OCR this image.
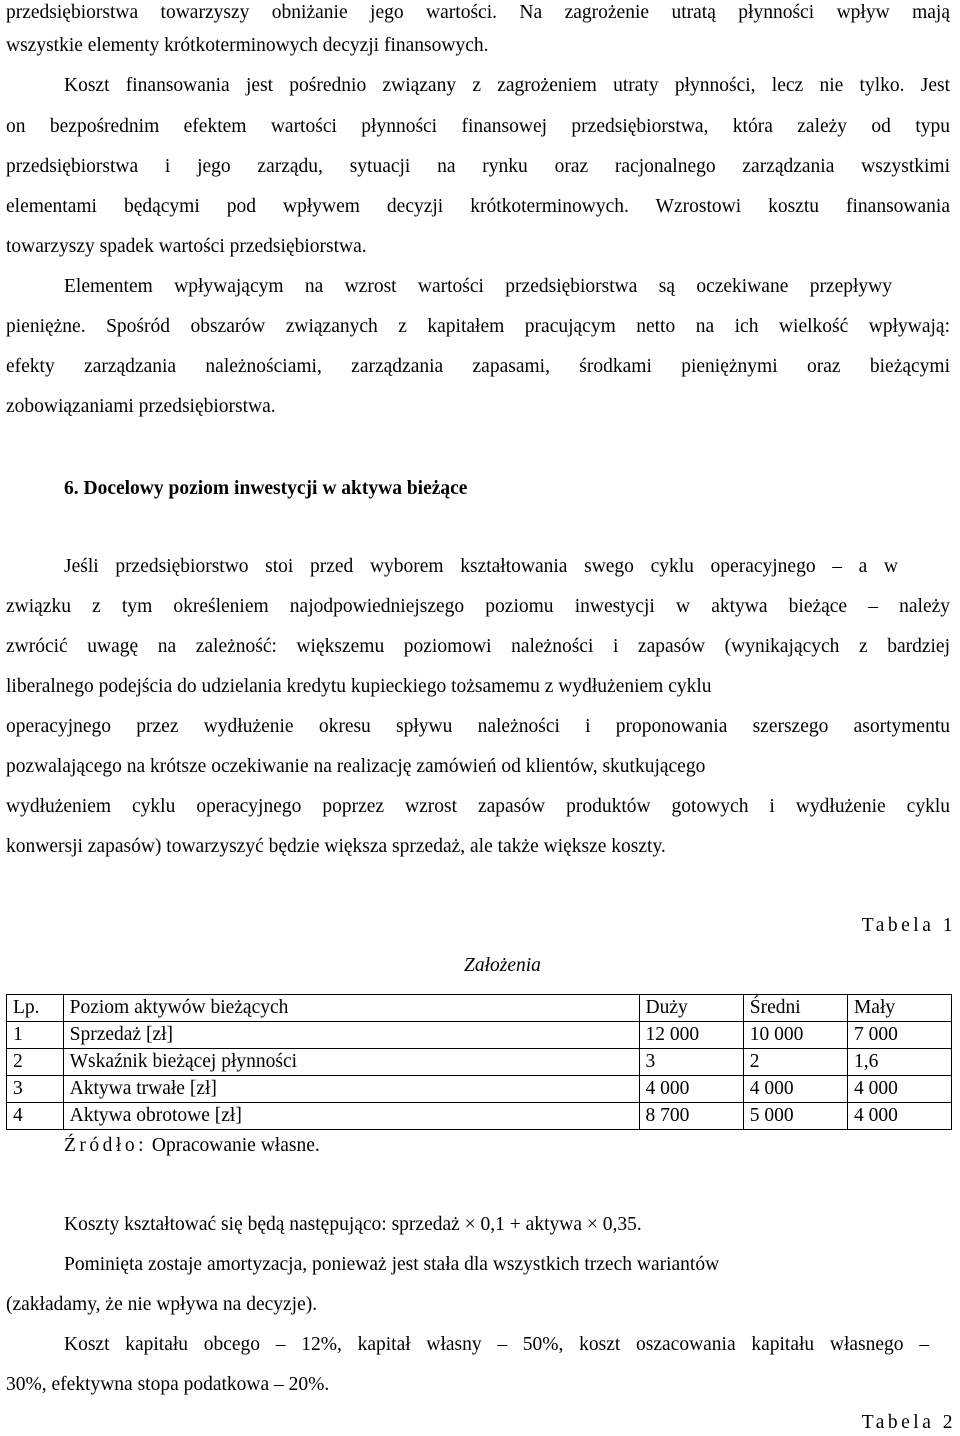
przedsiębiorstwa towarzyszy obniżanie jego wartości. Na zagrożenie utratą płynności wpływ mają
wszystkie elementy krótkoterminowych decyzji finansowych.
Koszt finansowania jest pośrednio związany z zagrożeniem utraty płynności, lecz nie tylko. Jest
on bezpośrednim efektem wartości płynności finansowej przedsiębiorstwa, która zależy od typu
przedsiębiorstwa i jego zarządu, sytuacji na rynku oraz racjonalnego zarządzania wszystkimi
elementami będącymi pod wpływem decyzji krótkoterminowych. Wzrostowi kosztu finansowania
towarzyszy spadek wartości przedsiębiorstwa.
Elementem wpływającym na wzrost wartości przedsiębiorstwa są oczekiwane przepływy
pieniężne. Spośród obszarów związanych z kapitałem pracującym netto na ich wielkość wpływają:
efekty zarządzania należnościami, zarządzania zapasami, środkami pieniężnymi oraz bieżącymi
zobowiązaniami przedsiębiorstwa.
6. Docelowy poziom inwestycji w aktywa bieżące
Jeśli przedsiębiorstwo stoi przed wyborem kształtowania swego cyklu operacyjnego – a w
związku z tym określeniem najodpowiedniejszego poziomu inwestycji w aktywa bieżące – należy
zwrócić uwagę na zależność: większemu poziomowi należności i zapasów (wynikających z bardziej
liberalnego podejścia do udzielania kredytu kupieckiego tożsamemu z wydłużeniem cyklu
operacyjnego przez wydłużenie okresu spływu należności i proponowania szerszego asortymentu
pozwalającego na krótsze oczekiwanie na realizację zamówień od klientów, skutkującego
wydłużeniem cyklu operacyjnego poprzez wzrost zapasów produktów gotowych i wydłużenie cyklu
konwersji zapasów) towarzyszyć będzie większa sprzedaż, ale także większe koszty.
Tabela 1
Założenia
Lp.	Poziom aktywów bieżących	Duży	Średni	Mały
1	Sprzedaż [zł]	12 000	10 000	7 000
2	Wskaźnik bieżącej płynności	3	2	1,6
3	Aktywa trwałe [zł]	4 000	4 000	4 000
4	Aktywa obrotowe [zł]	8 700	5 000	4 000
Źródło: Opracowanie własne.
Koszty kształtować się będą następująco: sprzedaż × 0,1 + aktywa × 0,35.
Pominięta zostaje amortyzacja, ponieważ jest stała dla wszystkich trzech wariantów
(zakładamy, że nie wpływa na decyzje).
Koszt kapitału obcego – 12%, kapitał własny – 50%, koszt oszacowania kapitału własnego –
30%, efektywna stopa podatkowa – 20%.
Tabela 2
